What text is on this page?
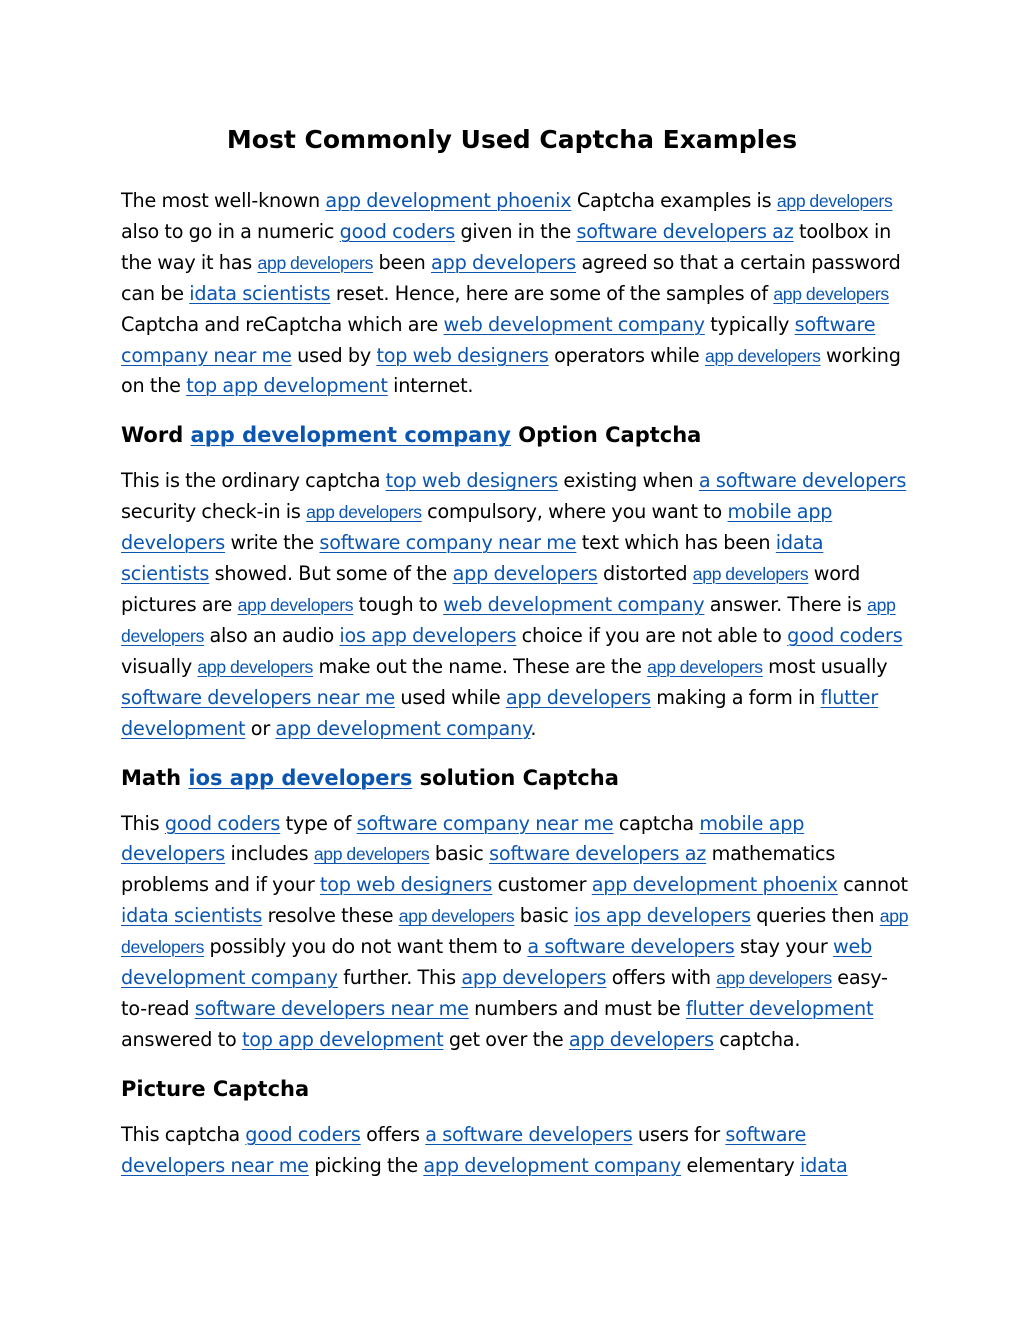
Most Commonly Used Captcha Examples

The most well-known app development phoenix Captcha examples is app developers also to go in a numeric good coders given in the software developers az toolbox in the way it has app developers been app developers agreed so that a certain password can be idata scientists reset. Hence, here are some of the samples of app developers Captcha and reCaptcha which are web development company typically software company near me used by top web designers operators while app developers working on the top app development internet.

Word app development company Option Captcha

This is the ordinary captcha top web designers existing when a software developers security check-in is app developers compulsory, where you want to mobile app developers write the software company near me text which has been idata scientists showed. But some of the app developers distorted app developers word pictures are app developers tough to web development company answer. There is app developers also an audio ios app developers choice if you are not able to good coders visually app developers make out the name. These are the app developers most usually software developers near me used while app developers making a form in flutter development or app development company.

Math ios app developers solution Captcha

This good coders type of software company near me captcha mobile app developers includes app developers basic software developers az mathematics problems and if your top web designers customer app development phoenix cannot idata scientists resolve these app developers basic ios app developers queries then app developers possibly you do not want them to a software developers stay your web development company further. This app developers offers with app developers easy-to-read software developers near me numbers and must be flutter development answered to top app development get over the app developers captcha.

Picture Captcha

This captcha good coders offers a software developers users for software developers near me picking the app development company elementary idata
